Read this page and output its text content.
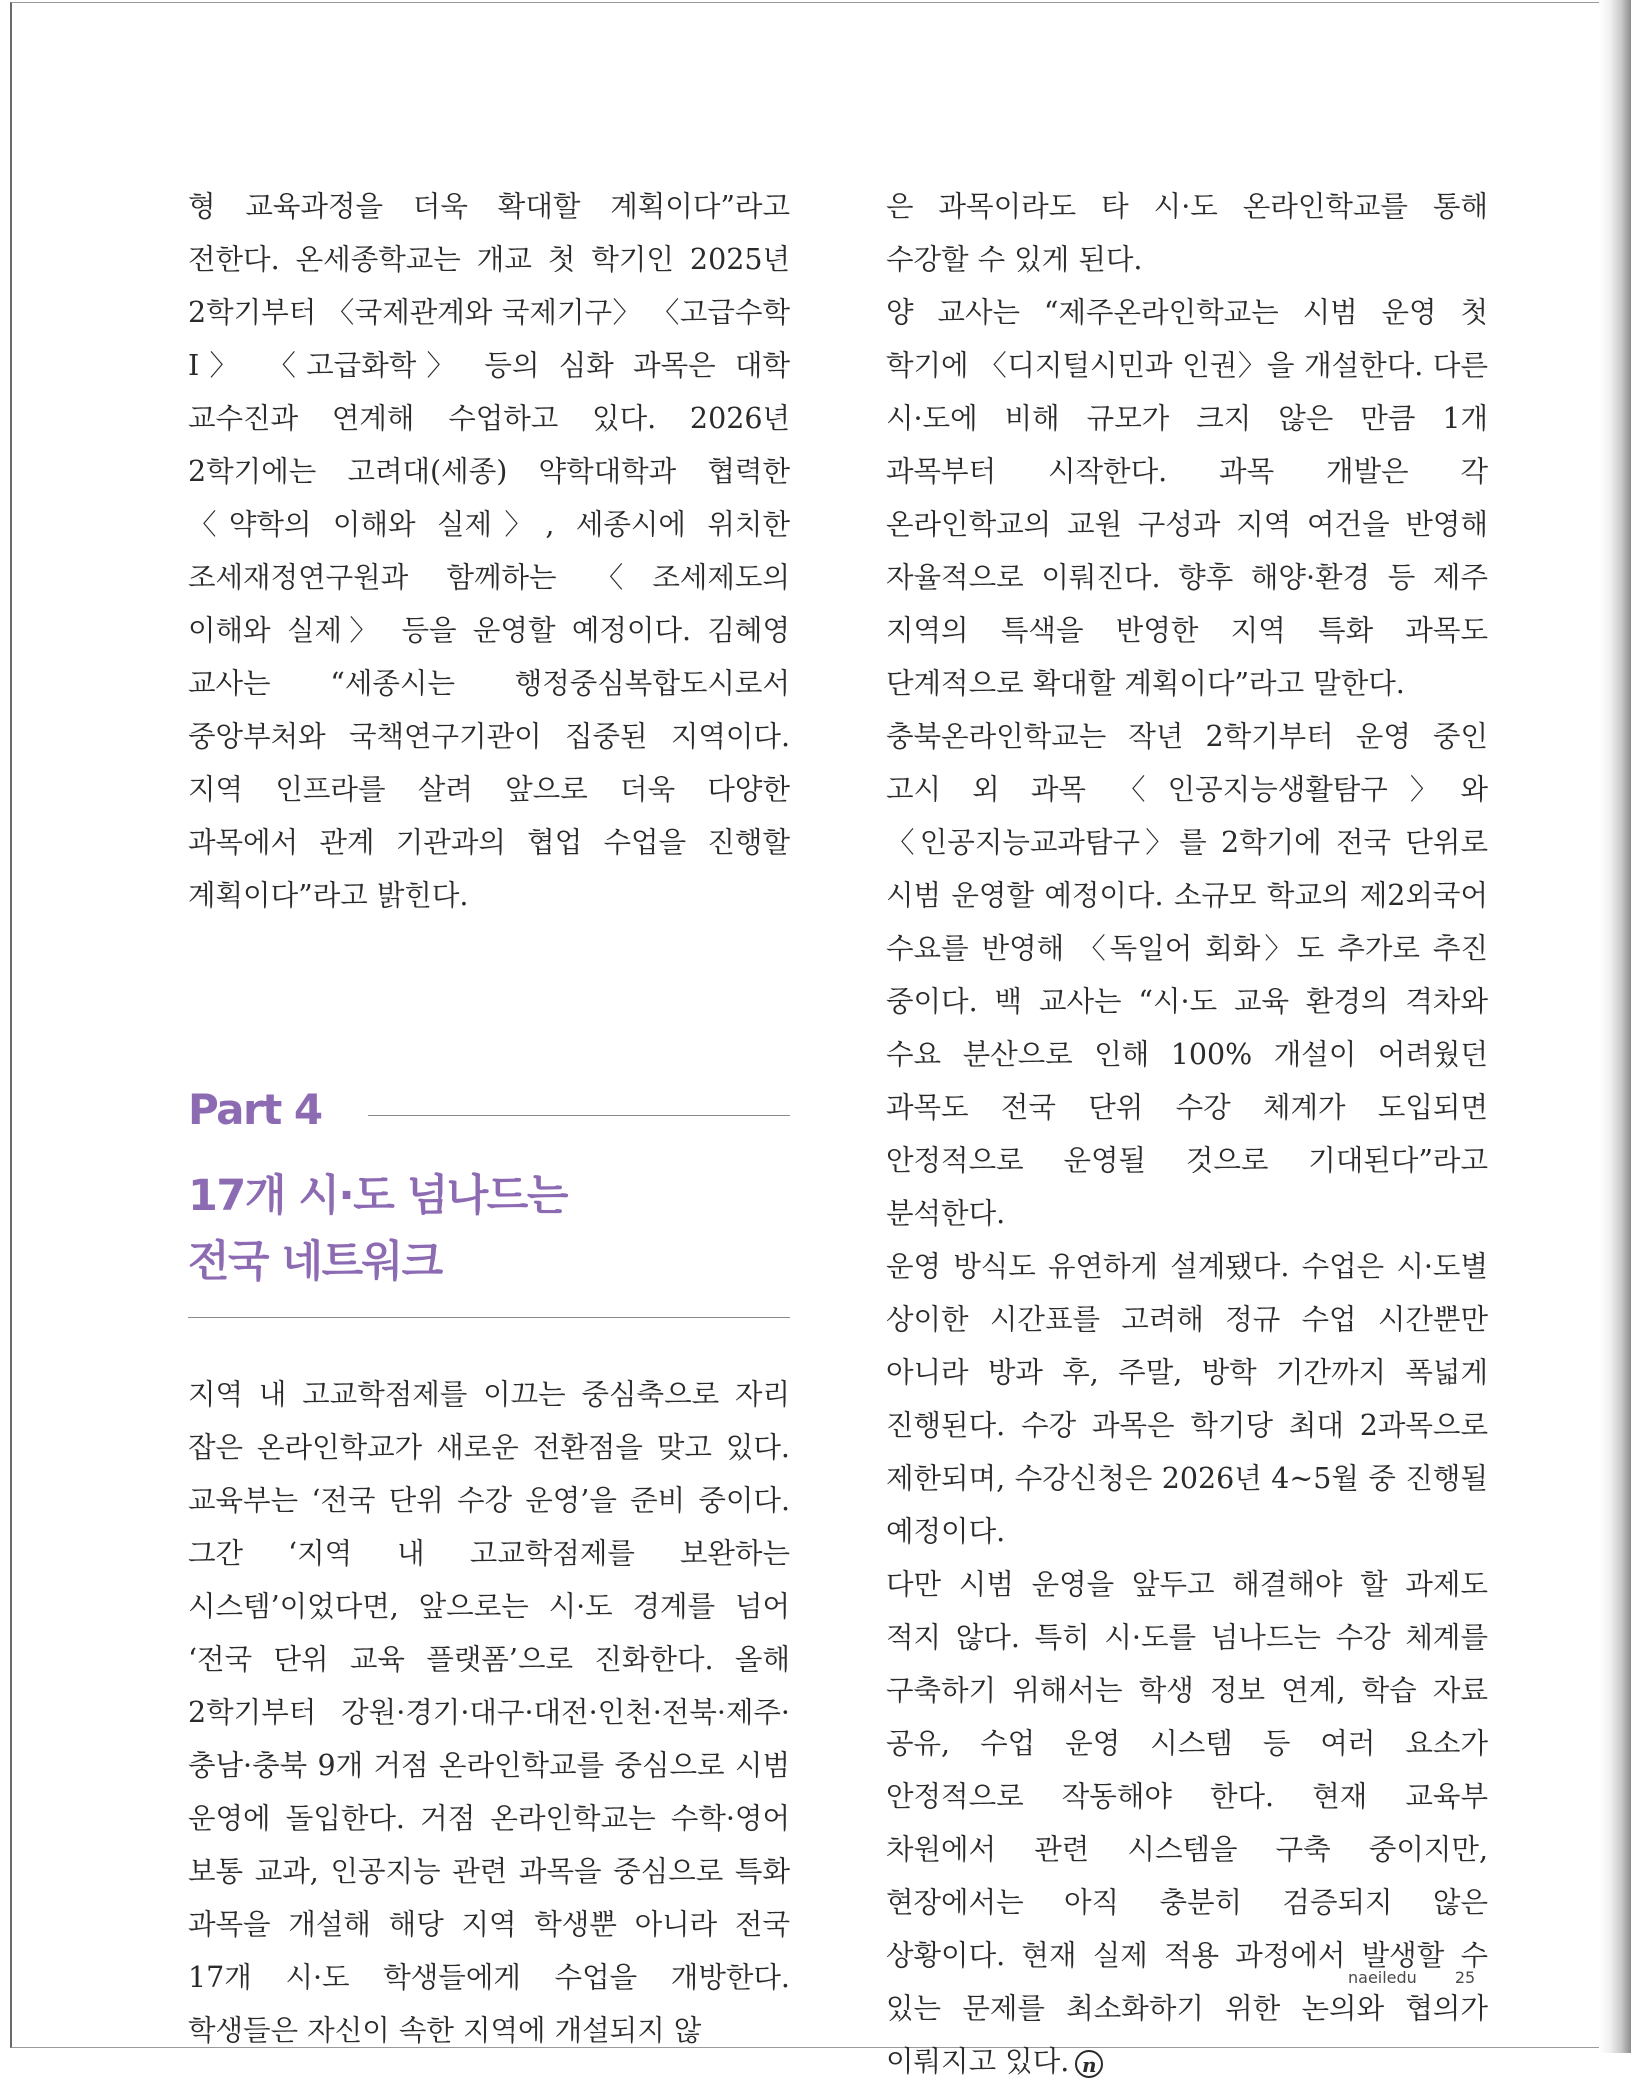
형 교육과정을 더욱 확대할 계획이다”라고 전한다. 온세종학교는 개교 첫 학기인 2025년 2학기부터 〈국제관계와 국제기구〉 〈고급수학 I〉 〈고급화학〉 등의 심화 과목은 대학 교수진과 연계해 수업하고 있다. 2026년 2학기에는 고려대(세종) 약학대학과 협력한 〈약학의 이해와 실제〉, 세종시에 위치한 조세재정연구원과 함께하는 〈조세제도의 이해와 실제〉 등을 운영할 예정이다. 김혜영 교사는 “세종시는 행정중심복합도시로서 중앙부처와 국책연구기관이 집중된 지역이다. 지역 인프라를 살려 앞으로 더욱 다양한 과목에서 관계 기관과의 협업 수업을 진행할 계획이다”라고 밝힌다.

Part 4
17개 시·도 넘나드는
전국 네트워크

지역 내 고교학점제를 이끄는 중심축으로 자리 잡은 온라인학교가 새로운 전환점을 맞고 있다. 교육부는 ‘전국 단위 수강 운영’을 준비 중이다. 그간 ‘지역 내 고교학점제를 보완하는 시스템’이었다면, 앞으로는 시·도 경계를 넘어 ‘전국 단위 교육 플랫폼’으로 진화한다. 올해 2학기부터 강원·경기·대구·대전·인천·전북·제주·충남·충북 9개 거점 온라인학교를 중심으로 시범 운영에 돌입한다. 거점 온라인학교는 수학·영어 보통 교과, 인공지능 관련 과목을 중심으로 특화 과목을 개설해 해당 지역 학생뿐 아니라 전국 17개 시·도 학생들에게 수업을 개방한다. 학생들은 자신이 속한 지역에 개설되지 않

은 과목이라도 타 시·도 온라인학교를 통해 수강할 수 있게 된다.

양 교사는 “제주온라인학교는 시범 운영 첫 학기에 〈디지털시민과 인권〉을 개설한다. 다른 시·도에 비해 규모가 크지 않은 만큼 1개 과목부터 시작한다. 과목 개발은 각 온라인학교의 교원 구성과 지역 여건을 반영해 자율적으로 이뤄진다. 향후 해양·환경 등 제주 지역의 특색을 반영한 지역 특화 과목도 단계적으로 확대할 계획이다”라고 말한다.

충북온라인학교는 작년 2학기부터 운영 중인 고시 외 과목 〈인공지능생활탐구〉와 〈인공지능교과탐구〉를 2학기에 전국 단위로 시범 운영할 예정이다. 소규모 학교의 제2외국어 수요를 반영해 〈독일어 회화〉도 추가로 추진 중이다. 백 교사는 “시·도 교육 환경의 격차와 수요 분산으로 인해 100% 개설이 어려웠던 과목도 전국 단위 수강 체계가 도입되면 안정적으로 운영될 것으로 기대된다”라고 분석한다.

운영 방식도 유연하게 설계됐다. 수업은 시·도별 상이한 시간표를 고려해 정규 수업 시간뿐만 아니라 방과 후, 주말, 방학 기간까지 폭넓게 진행된다. 수강 과목은 학기당 최대 2과목으로 제한되며, 수강신청은 2026년 4~5월 중 진행될 예정이다.

다만 시범 운영을 앞두고 해결해야 할 과제도 적지 않다. 특히 시·도를 넘나드는 수강 체계를 구축하기 위해서는 학생 정보 연계, 학습 자료 공유, 수업 운영 시스템 등 여러 요소가 안정적으로 작동해야 한다. 현재 교육부 차원에서 관련 시스템을 구축 중이지만, 현장에서는 아직 충분히 검증되지 않은 상황이다. 현재 실제 적용 과정에서 발생할 수 있는 문제를 최소화하기 위한 논의와 협의가 이뤄지고 있다. n

naeiledu 25
